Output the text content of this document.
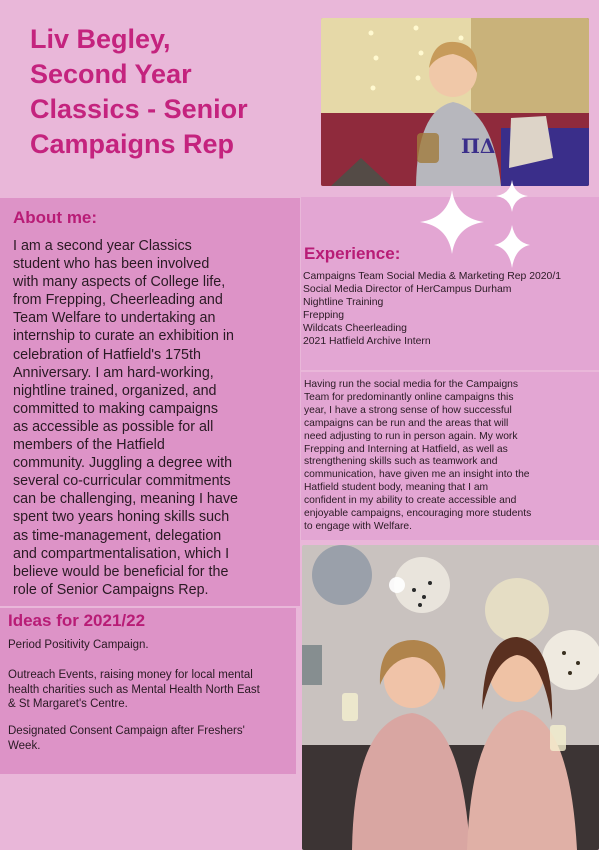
Liv Begley,
Second Year
Classics - Senior
Campaigns Rep	ΠΔ
About me:
I am a second year Classics
student who has been involved
with many aspects of College life,
from Frepping, Cheerleading and
Team Welfare to undertaking an
internship to curate an exhibition in
celebration of Hatfield's 175th
Anniversary. I am hard-working,
nightline trained, organized, and
committed to making campaigns
as accessible as possible for all
members of the Hatfield
community. Juggling a degree with
several co-curricular commitments
can be challenging, meaning I have
spent two years honing skills such
as time-management, delegation
and compartmentalisation, which I
believe would be beneficial for the
role of Senior Campaigns Rep.
Ideas for 2021/22
Period Positivity Campaign.
Outreach Events, raising money for local mental
health charities such as Mental Health North East
& St Margaret's Centre.
Designated Consent Campaign after Freshers'
Week.
Experience:
Campaigns Team Social Media & Marketing Rep 2020/1
Social Media Director of HerCampus Durham
Nightline Training
Frepping
Wildcats Cheerleading
2021 Hatfield Archive Intern
Having run the social media for the Campaigns
Team for predominantly online campaigns this
year, I have a strong sense of how successful
campaigns can be run and the areas that will
need adjusting to run in person again. My work
Frepping and Interning at Hatfield, as well as
strengthening skills such as teamwork and
communication, have given me an insight into the
Hatfield student body, meaning that I am
confident in my ability to create accessible and
enjoyable campaigns, encouraging more students
to engage with Welfare.
